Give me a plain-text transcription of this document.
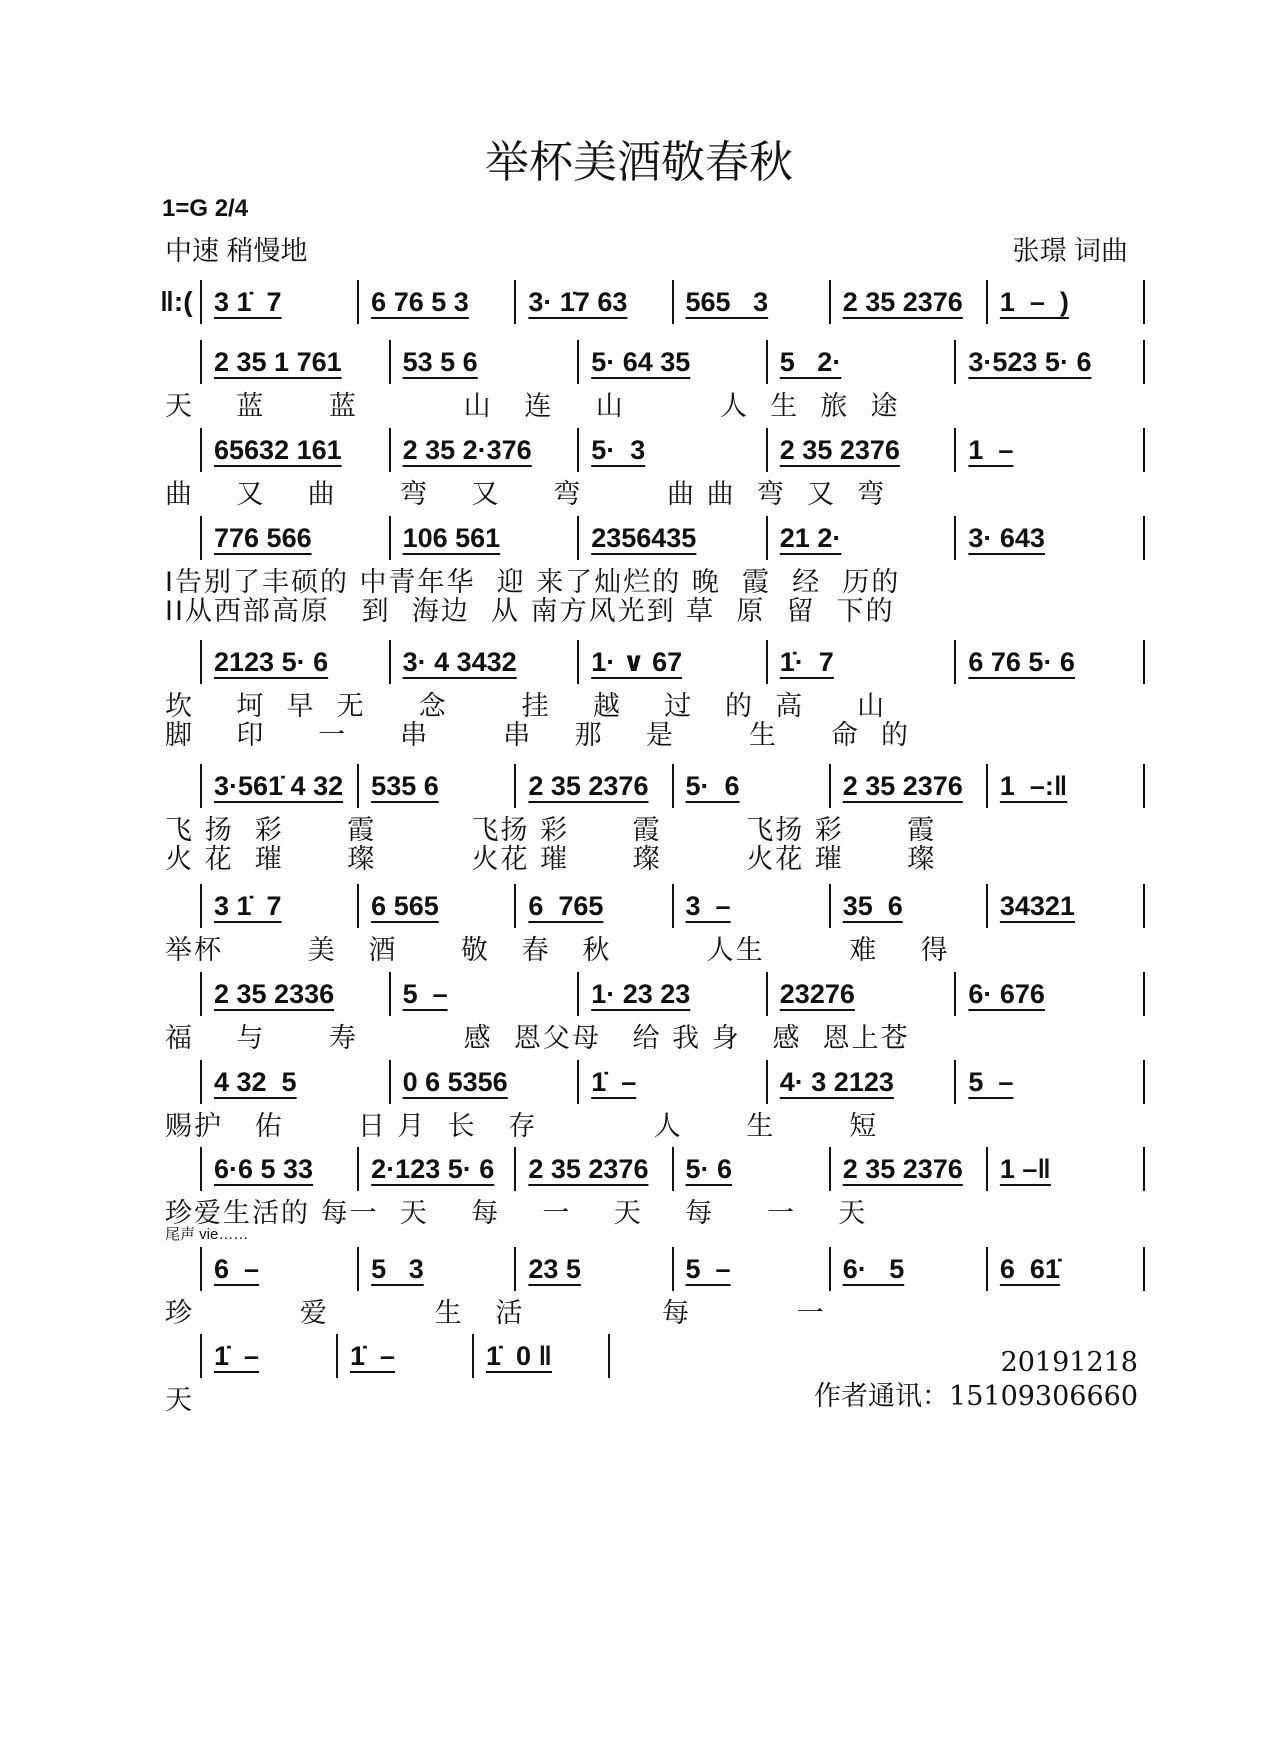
举杯美酒敬春秋
1=G 2/4
中速 稍慢地	张璟 词曲
尾声 vie……
‖:( 3 1̇  7	6 76 5 3	3· 1̇7 63	565   3	2 35 2376	1  –  )
2 35 1 761	53 5 6	5· 64 35	5   2·	3·523 5· 6
天    蓝      蓝          山   连    山         人  生  旅  途
65632 161	2 35 2·376	5·  3	2 35 2376	1  –
曲    又    曲      弯    又     弯        曲 曲  弯  又  弯
776 566	106 561	2356435	21 2·	3· 643
I告别了丰硕的 中青年华  迎 来了灿烂的 晚  霞  经  历的
II从西部高原   到  海边  从 南方风光到 草  原  留  下的
2123 5· 6	3· 4 3432	1· ∨ 67	1̇·  7	6 76 5· 6
坎    坷  早  无     念       挂    越    过   的  高     山
脚    印     一     串       串    那    是       生     命  的
3·561̇ 4 32	535 6	2 35 2376	5·  6	2 35 2376	1  –:‖
飞 扬  彩      霞         飞扬 彩      霞        飞扬 彩      霞
火 花  璀      璨         火花 璀      璨        火花 璀      璨
3 1̇  7	6 565	6  765	3  –	35  6	34321
举杯        美   酒      敬   春   秋         人生        难    得
2 35 2336	5  –	1· 23 23	23276	6· 676
福    与      寿          感  恩父母   给 我 身   感  恩上苍
4 32  5	0 6 5356	1̇  –	4· 3 2123	5  –
赐护   佑       日 月  长   存           人      生       短
6·6 5 33	2·123 5· 6	2 35 2376	5· 6	2 35 2376	1 –‖
珍爱生活的 每一  天    每    一    天    每     一    天
6  –	5   3	23 5	5  –	6·   5	6  61̇
珍          爱          生   活             每          一
1̇  –	1̇  –	1̇  0 ‖
天
20191218
作者通讯：15109306660
